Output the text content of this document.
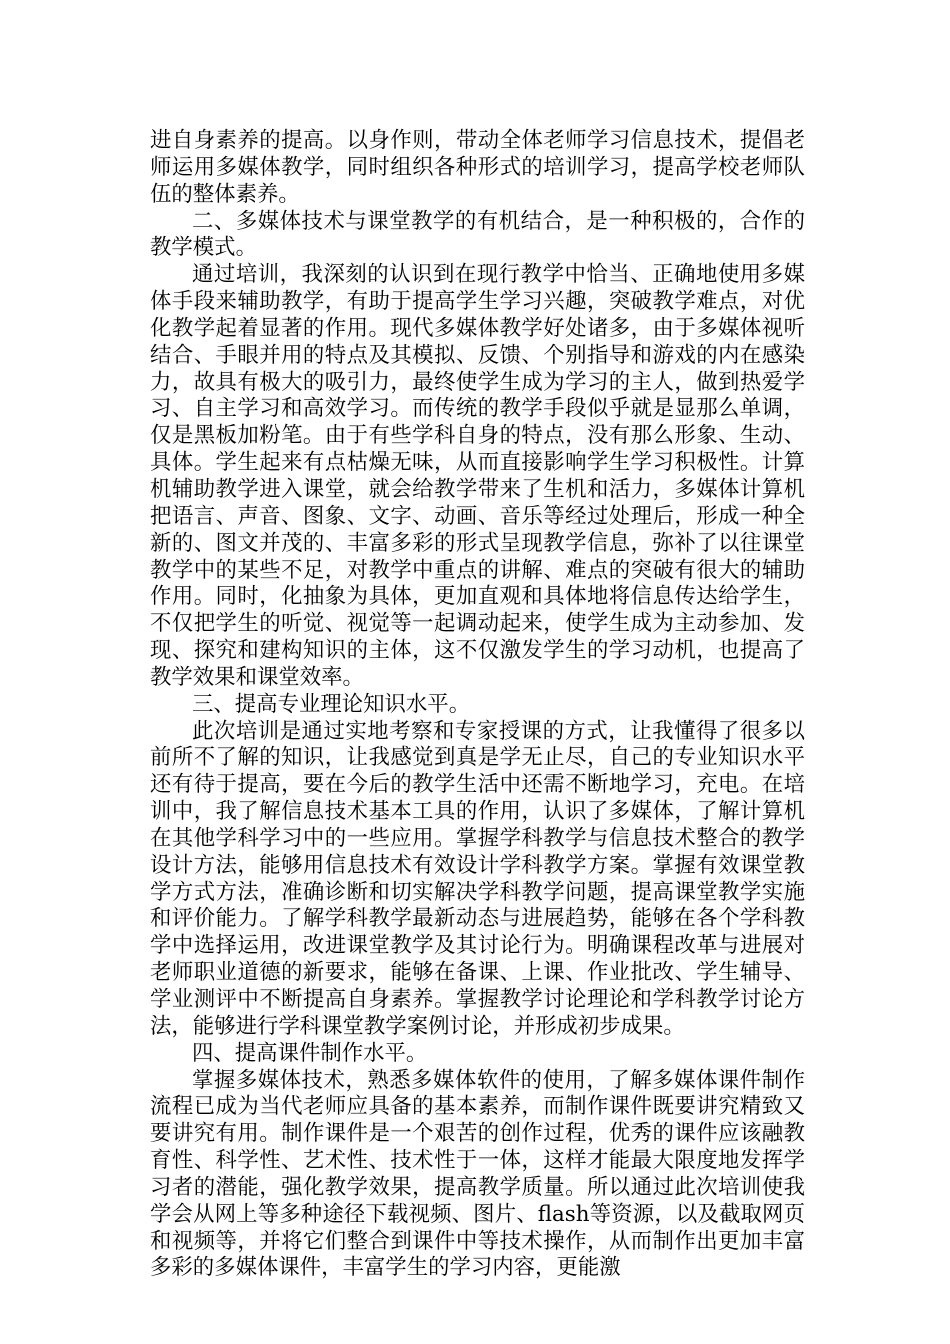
进自身素养的提高。以身作则，带动全体老师学习信息技术，提倡老师运用多媒体教学，同时组织各种形式的培训学习，提高学校老师队伍的整体素养。

二、多媒体技术与课堂教学的有机结合，是一种积极的，合作的教学模式。

通过培训，我深刻的认识到在现行教学中恰当、正确地使用多媒体手段来辅助教学，有助于提高学生学习兴趣，突破教学难点，对优化教学起着显著的作用。现代多媒体教学好处诸多，由于多媒体视听结合、手眼并用的特点及其模拟、反馈、个别指导和游戏的内在感染力，故具有极大的吸引力，最终使学生成为学习的主人，做到热爱学习、自主学习和高效学习。而传统的教学手段似乎就是显那么单调，仅是黑板加粉笔。由于有些学科自身的特点，没有那么形象、生动、具体。学生起来有点枯燥无味，从而直接影响学生学习积极性。计算机辅助教学进入课堂，就会给教学带来了生机和活力，多媒体计算机把语言、声音、图象、文字、动画、音乐等经过处理后，形成一种全新的、图文并茂的、丰富多彩的形式呈现教学信息，弥补了以往课堂教学中的某些不足，对教学中重点的讲解、难点的突破有很大的辅助作用。同时，化抽象为具体，更加直观和具体地将信息传达给学生，不仅把学生的听觉、视觉等一起调动起来，使学生成为主动参加、发现、探究和建构知识的主体，这不仅激发学生的学习动机，也提高了教学效果和课堂效率。

三、提高专业理论知识水平。

此次培训是通过实地考察和专家授课的方式，让我懂得了很多以前所不了解的知识，让我感觉到真是学无止尽，自己的专业知识水平还有待于提高，要在今后的教学生活中还需不断地学习，充电。在培训中，我了解信息技术基本工具的作用，认识了多媒体，了解计算机在其他学科学习中的一些应用。掌握学科教学与信息技术整合的教学设计方法，能够用信息技术有效设计学科教学方案。掌握有效课堂教学方式方法，准确诊断和切实解决学科教学问题，提高课堂教学实施和评价能力。了解学科教学最新动态与进展趋势，能够在各个学科教学中选择运用，改进课堂教学及其讨论行为。明确课程改革与进展对老师职业道德的新要求，能够在备课、上课、作业批改、学生辅导、学业测评中不断提高自身素养。掌握教学讨论理论和学科教学讨论方法，能够进行学科课堂教学案例讨论，并形成初步成果。

四、提高课件制作水平。

掌握多媒体技术，熟悉多媒体软件的使用，了解多媒体课件制作流程已成为当代老师应具备的基本素养，而制作课件既要讲究精致又要讲究有用。制作课件是一个艰苦的创作过程，优秀的课件应该融教育性、科学性、艺术性、技术性于一体，这样才能最大限度地发挥学习者的潜能，强化教学效果，提高教学质量。所以通过此次培训使我学会从网上等多种途径下载视频、图片、flash等资源，以及截取网页和视频等，并将它们整合到课件中等技术操作，从而制作出更加丰富多彩的多媒体课件，丰富学生的学习内容，更能激
